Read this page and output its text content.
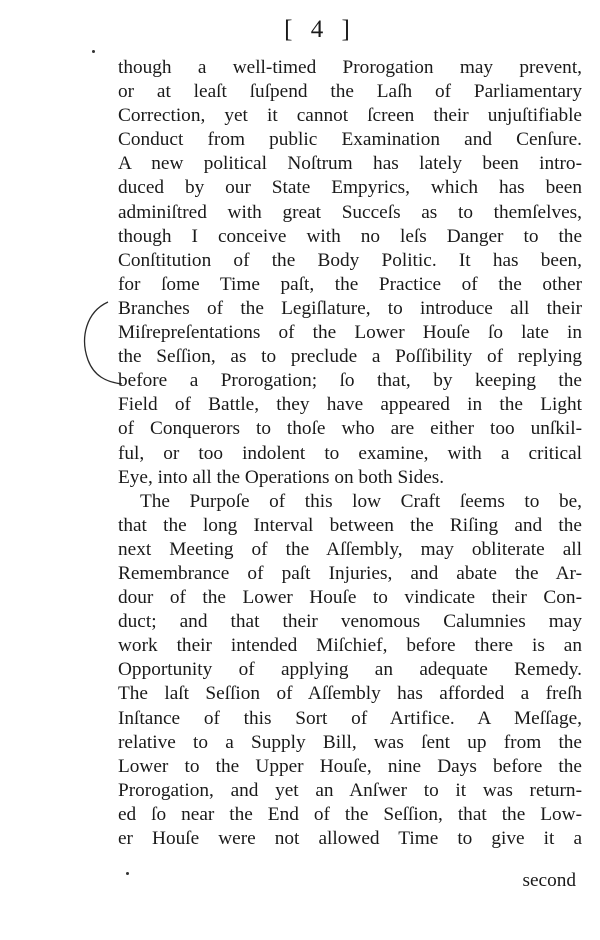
[ 4 ]
though a well-timed Prorogation may prevent,
or at leaſt ſuſpend the Laſh of Parliamentary
Correction, yet it cannot ſcreen their unjuſtifiable
Conduct from public Examination and Cenſure.
A new political Noſtrum has lately been intro-
duced by our State Empyrics, which has been
adminiſtred with great Succeſs as to themſelves,
though I conceive with no leſs Danger to the
Conſtitution of the Body Politic. It has been,
for ſome Time paſt, the Practice of the other
Branches of the Legiſlature, to introduce all their
Miſrepreſentations of the Lower Houſe ſo late in
the Seſſion, as to preclude a Poſſibility of replying
before a Prorogation; ſo that, by keeping the
Field of Battle, they have appeared in the Light
of Conquerors to thoſe who are either too unſkil-
ful, or too indolent to examine, with a critical
Eye, into all the Operations on both Sides.
The Purpoſe of this low Craft ſeems to be,
that the long Interval between the Riſing and the
next Meeting of the Aſſembly, may obliterate all
Remembrance of paſt Injuries, and abate the Ar-
dour of the Lower Houſe to vindicate their Con-
duct; and that their venomous Calumnies may
work their intended Miſchief, before there is an
Opportunity of applying an adequate Remedy.
The laſt Seſſion of Aſſembly has afforded a freſh
Inſtance of this Sort of Artifice. A Meſſage,
relative to a Supply Bill, was ſent up from the
Lower to the Upper Houſe, nine Days before the
Prorogation, and yet an Anſwer to it was return-
ed ſo near the End of the Seſſion, that the Low-
er Houſe were not allowed Time to give it a
second
